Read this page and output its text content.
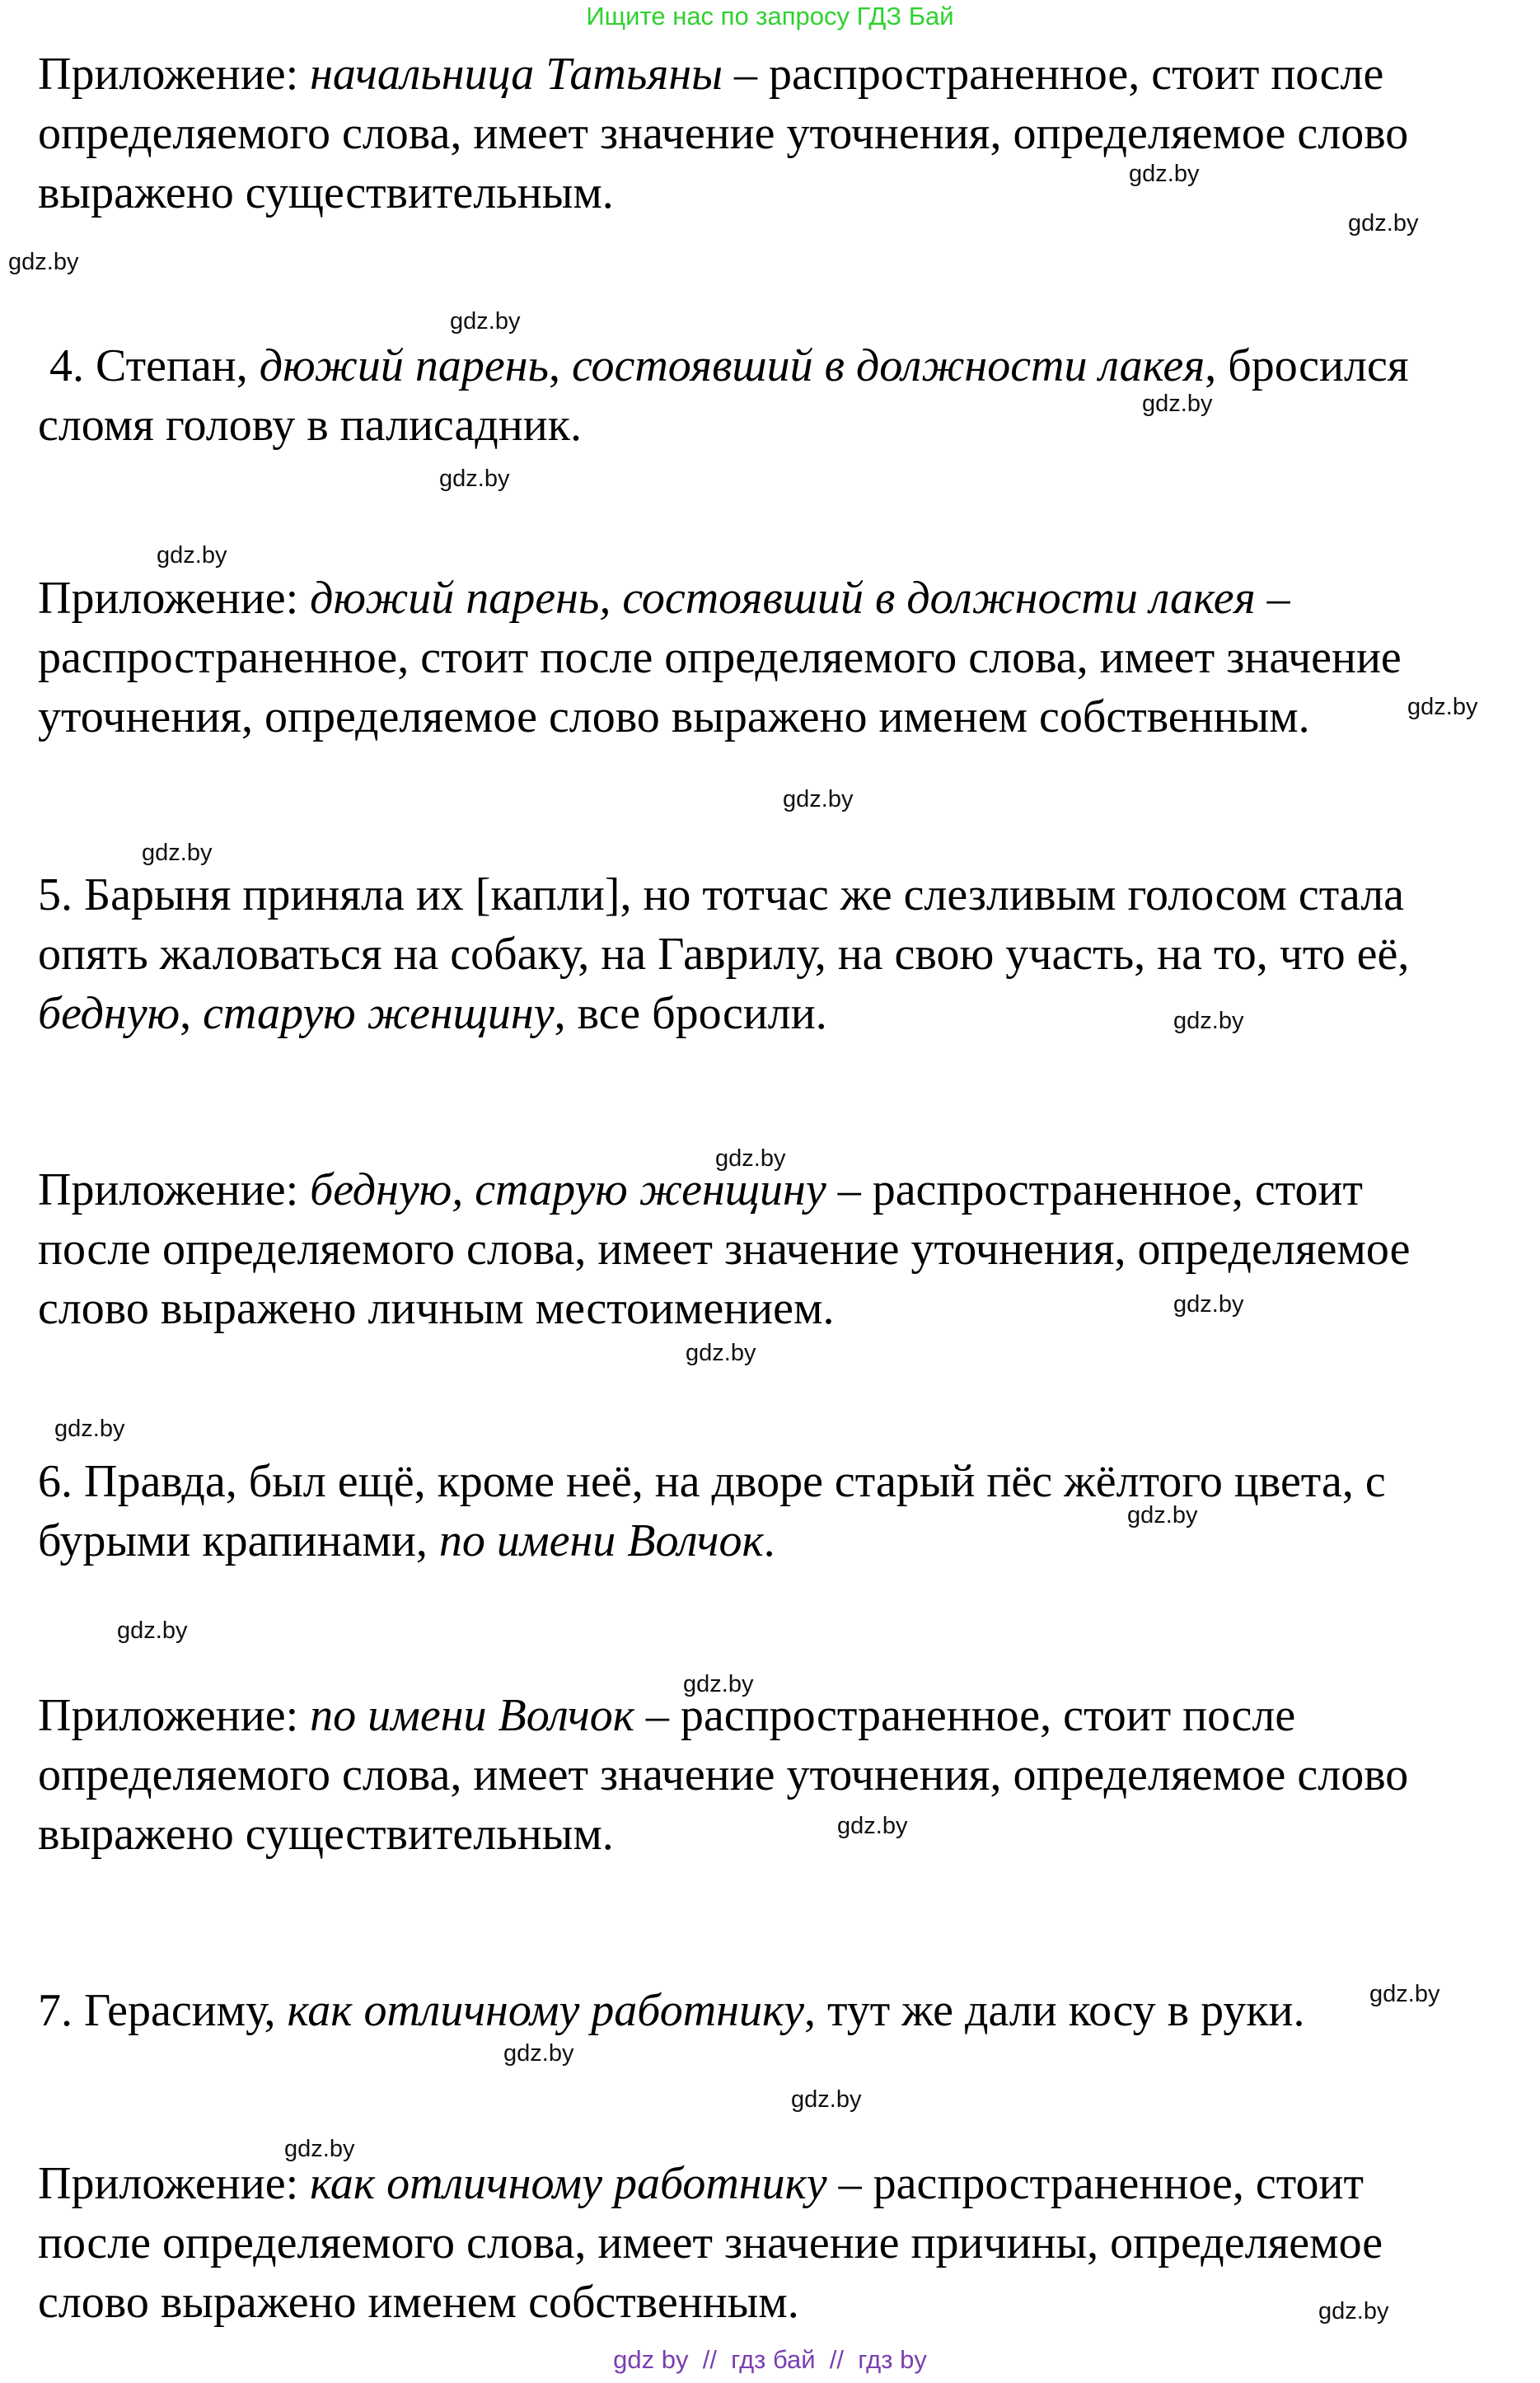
Ищите нас по запросу ГДЗ Бай
Приложение: начальница Татьяны – распространенное, стоит после
определяемого слова, имеет значение уточнения, определяемое слово
выражено существительным.
4. Степан, дюжий парень, состоявший в должности лакея, бросился
сломя голову в палисадник.
Приложение: дюжий парень, состоявший в должности лакея –
распространенное, стоит после определяемого слова, имеет значение
уточнения, определяемое слово выражено именем собственным.
5. Барыня приняла их [капли], но тотчас же слезливым голосом стала
опять жаловаться на собаку, на Гаврилу, на свою участь, на то, что её,
бедную, старую женщину, все бросили.
Приложение: бедную, старую женщину – распространенное, стоит
после определяемого слова, имеет значение уточнения, определяемое
слово выражено личным местоимением.
6. Правда, был ещё, кроме неё, на дворе старый пёс жёлтого цвета, с
бурыми крапинами, по имени Волчок.
Приложение: по имени Волчок – распространенное, стоит после
определяемого слова, имеет значение уточнения, определяемое слово
выражено существительным.
7. Герасиму, как отличному работнику, тут же дали косу в руки.
Приложение: как отличному работнику – распространенное, стоит
после определяемого слова, имеет значение причины, определяемое
слово выражено именем собственным.
gdz.by
gdz.by
gdz.by
gdz.by
gdz.by
gdz.by
gdz.by
gdz.by
gdz.by
gdz.by
gdz.by
gdz.by
gdz.by
gdz.by
gdz.by
gdz.by
gdz.by
gdz.by
gdz.by
gdz.by
gdz.by
gdz.by
gdz.by
gdz.by
gdz by  //  гдз бай  //  гдз by
